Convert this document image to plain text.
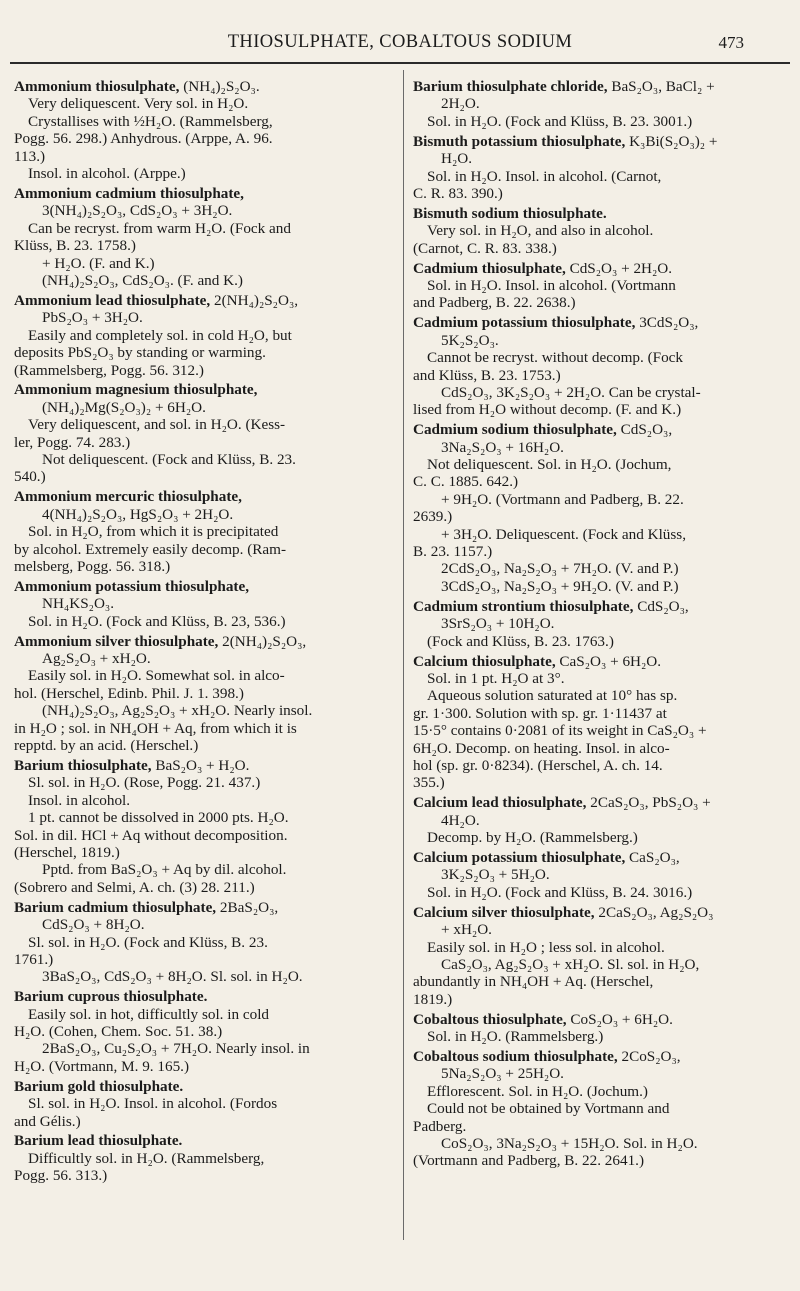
THIOSULPHATE, COBALTOUS SODIUM	473
Ammonium thiosulphate, (NH₄)₂S₂O₃.
Very deliquescent. Very sol. in H₂O.
Crystallises with ½H₂O. (Rammelsberg,
Pogg. 56. 298.) Anhydrous. (Arppe, A. 96.
113.)
Insol. in alcohol. (Arppe.)
Ammonium cadmium thiosulphate,
3(NH₄)₂S₂O₃, CdS₂O₃ + 3H₂O.
Can be recryst. from warm H₂O. (Fock and
Klüss, B. 23. 1758.)
+ H₂O. (F. and K.)
(NH₄)₂S₂O₃, CdS₂O₃. (F. and K.)
Ammonium lead thiosulphate, 2(NH₄)₂S₂O₃,
PbS₂O₃ + 3H₂O.
Easily and completely sol. in cold H₂O, but
deposits PbS₂O₃ by standing or warming.
(Rammelsberg, Pogg. 56. 312.)
Ammonium magnesium thiosulphate,
(NH₄)₂Mg(S₂O₃)₂ + 6H₂O.
Very deliquescent, and sol. in H₂O. (Kess-
ler, Pogg. 74. 283.)
Not deliquescent. (Fock and Klüss, B. 23.
540.)
Ammonium mercuric thiosulphate,
4(NH₄)₂S₂O₃, HgS₂O₃ + 2H₂O.
Sol. in H₂O, from which it is precipitated
by alcohol. Extremely easily decomp. (Ram-
melsberg, Pogg. 56. 318.)
Ammonium potassium thiosulphate,
NH₄KS₂O₃.
Sol. in H₂O. (Fock and Klüss, B. 23, 536.)
Ammonium silver thiosulphate, 2(NH₄)₂S₂O₃,
Ag₂S₂O₃ + xH₂O.
Easily sol. in H₂O. Somewhat sol. in alco-
hol. (Herschel, Edinb. Phil. J. 1. 398.)
(NH₄)₂S₂O₃, Ag₂S₂O₃ + xH₂O. Nearly insol.
in H₂O ; sol. in NH₄OH + Aq, from which it is
repptd. by an acid. (Herschel.)
Barium thiosulphate, BaS₂O₃ + H₂O.
Sl. sol. in H₂O. (Rose, Pogg. 21. 437.)
Insol. in alcohol.
1 pt. cannot be dissolved in 2000 pts. H₂O.
Sol. in dil. HCl + Aq without decomposition.
(Herschel, 1819.)
Pptd. from BaS₂O₃ + Aq by dil. alcohol.
(Sobrero and Selmi, A. ch. (3) 28. 211.)
Barium cadmium thiosulphate, 2BaS₂O₃,
CdS₂O₃ + 8H₂O.
Sl. sol. in H₂O. (Fock and Klüss, B. 23.
1761.)
3BaS₂O₃, CdS₂O₃ + 8H₂O. Sl. sol. in H₂O.
Barium cuprous thiosulphate.
Easily sol. in hot, difficultly sol. in cold
H₂O. (Cohen, Chem. Soc. 51. 38.)
2BaS₂O₃, Cu₂S₂O₃ + 7H₂O. Nearly insol. in
H₂O. (Vortmann, M. 9. 165.)
Barium gold thiosulphate.
Sl. sol. in H₂O. Insol. in alcohol. (Fordos
and Gélis.)
Barium lead thiosulphate.
Difficultly sol. in H₂O. (Rammelsberg,
Pogg. 56. 313.)
Barium thiosulphate chloride, BaS₂O₃, BaCl₂ +
2H₂O.
Sol. in H₂O. (Fock and Klüss, B. 23. 3001.)
Bismuth potassium thiosulphate, K₃Bi(S₂O₃)₂ +
H₂O.
Sol. in H₂O. Insol. in alcohol. (Carnot,
C. R. 83. 390.)
Bismuth sodium thiosulphate.
Very sol. in H₂O, and also in alcohol.
(Carnot, C. R. 83. 338.)
Cadmium thiosulphate, CdS₂O₃ + 2H₂O.
Sol. in H₂O. Insol. in alcohol. (Vortmann
and Padberg, B. 22. 2638.)
Cadmium potassium thiosulphate, 3CdS₂O₃,
5K₂S₂O₃.
Cannot be recryst. without decomp. (Fock
and Klüss, B. 23. 1753.)
CdS₂O₃, 3K₂S₂O₃ + 2H₂O. Can be crystal-
lised from H₂O without decomp. (F. and K.)
Cadmium sodium thiosulphate, CdS₂O₃,
3Na₂S₂O₃ + 16H₂O.
Not deliquescent. Sol. in H₂O. (Jochum,
C. C. 1885. 642.)
+ 9H₂O. (Vortmann and Padberg, B. 22.
2639.)
+ 3H₂O. Deliquescent. (Fock and Klüss,
B. 23. 1157.)
2CdS₂O₃, Na₂S₂O₃ + 7H₂O. (V. and P.)
3CdS₂O₃, Na₂S₂O₃ + 9H₂O. (V. and P.)
Cadmium strontium thiosulphate, CdS₂O₃,
3SrS₂O₃ + 10H₂O.
(Fock and Klüss, B. 23. 1763.)
Calcium thiosulphate, CaS₂O₃ + 6H₂O.
Sol. in 1 pt. H₂O at 3°.
Aqueous solution saturated at 10° has sp.
gr. 1·300. Solution with sp. gr. 1·11437 at
15·5° contains 0·2081 of its weight in CaS₂O₃ +
6H₂O. Decomp. on heating. Insol. in alco-
hol (sp. gr. 0·8234). (Herschel, A. ch. 14.
355.)
Calcium lead thiosulphate, 2CaS₂O₃, PbS₂O₃ +
4H₂O.
Decomp. by H₂O. (Rammelsberg.)
Calcium potassium thiosulphate, CaS₂O₃,
3K₂S₂O₃ + 5H₂O.
Sol. in H₂O. (Fock and Klüss, B. 24. 3016.)
Calcium silver thiosulphate, 2CaS₂O₃, Ag₂S₂O₃
+ xH₂O.
Easily sol. in H₂O ; less sol. in alcohol.
CaS₂O₃, Ag₂S₂O₃ + xH₂O. Sl. sol. in H₂O,
abundantly in NH₄OH + Aq. (Herschel,
1819.)
Cobaltous thiosulphate, CoS₂O₃ + 6H₂O.
Sol. in H₂O. (Rammelsberg.)
Cobaltous sodium thiosulphate, 2CoS₂O₃,
5Na₂S₂O₃ + 25H₂O.
Efflorescent. Sol. in H₂O. (Jochum.)
Could not be obtained by Vortmann and
Padberg.
CoS₂O₃, 3Na₂S₂O₃ + 15H₂O. Sol. in H₂O.
(Vortmann and Padberg, B. 22. 2641.)
